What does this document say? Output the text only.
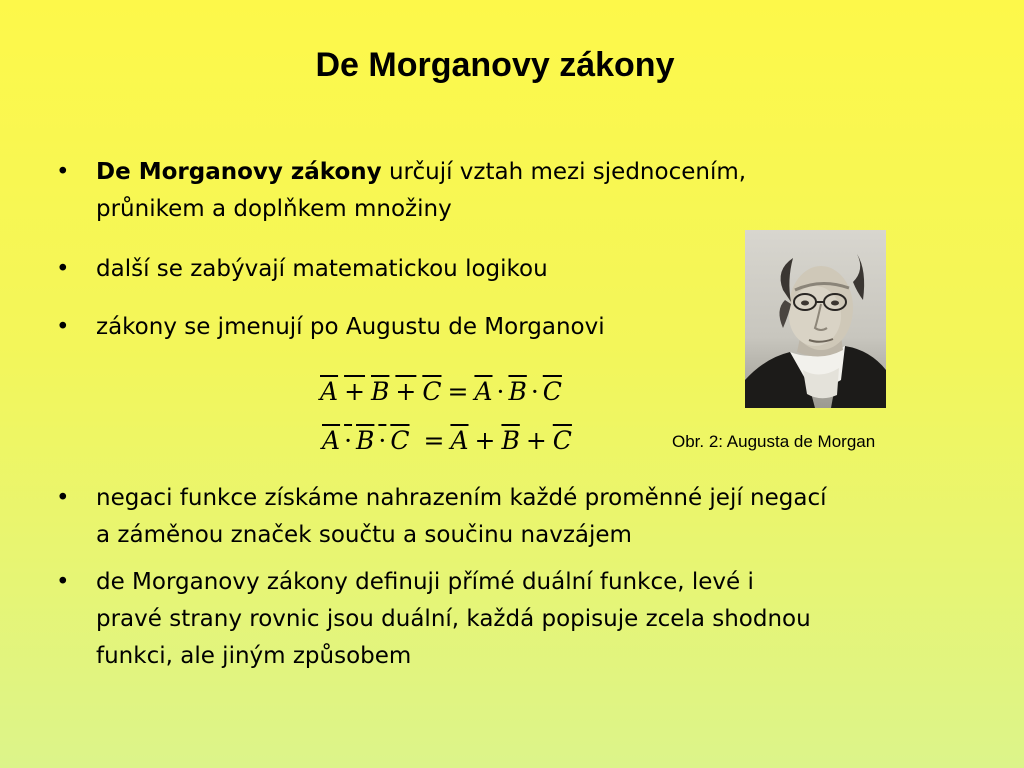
De Morganovy zákony
• De Morganovy zákony určují vztah mezi sjednocením,
průnikem a doplňkem množiny
• další se zabývají matematickou logikou
• zákony se jmenují po Augustu de Morganovi
$A + B + C = \overline{A} \cdot \overline{B} \cdot \overline{C}$
$A \cdot B \cdot C = \overline{A} + \overline{B} + \overline{C}$	Obr. 2: Augusta de Morgan
• negaci funkce získáme nahrazením každé proměnné její negací
a záměnou značek součtu a součinu navzájem
• de Morganovy zákony definuji přímé duální funkce, levé i
pravé strany rovnic jsou duální, každá popisuje zcela shodnou
funkci, ale jiným způsobem
